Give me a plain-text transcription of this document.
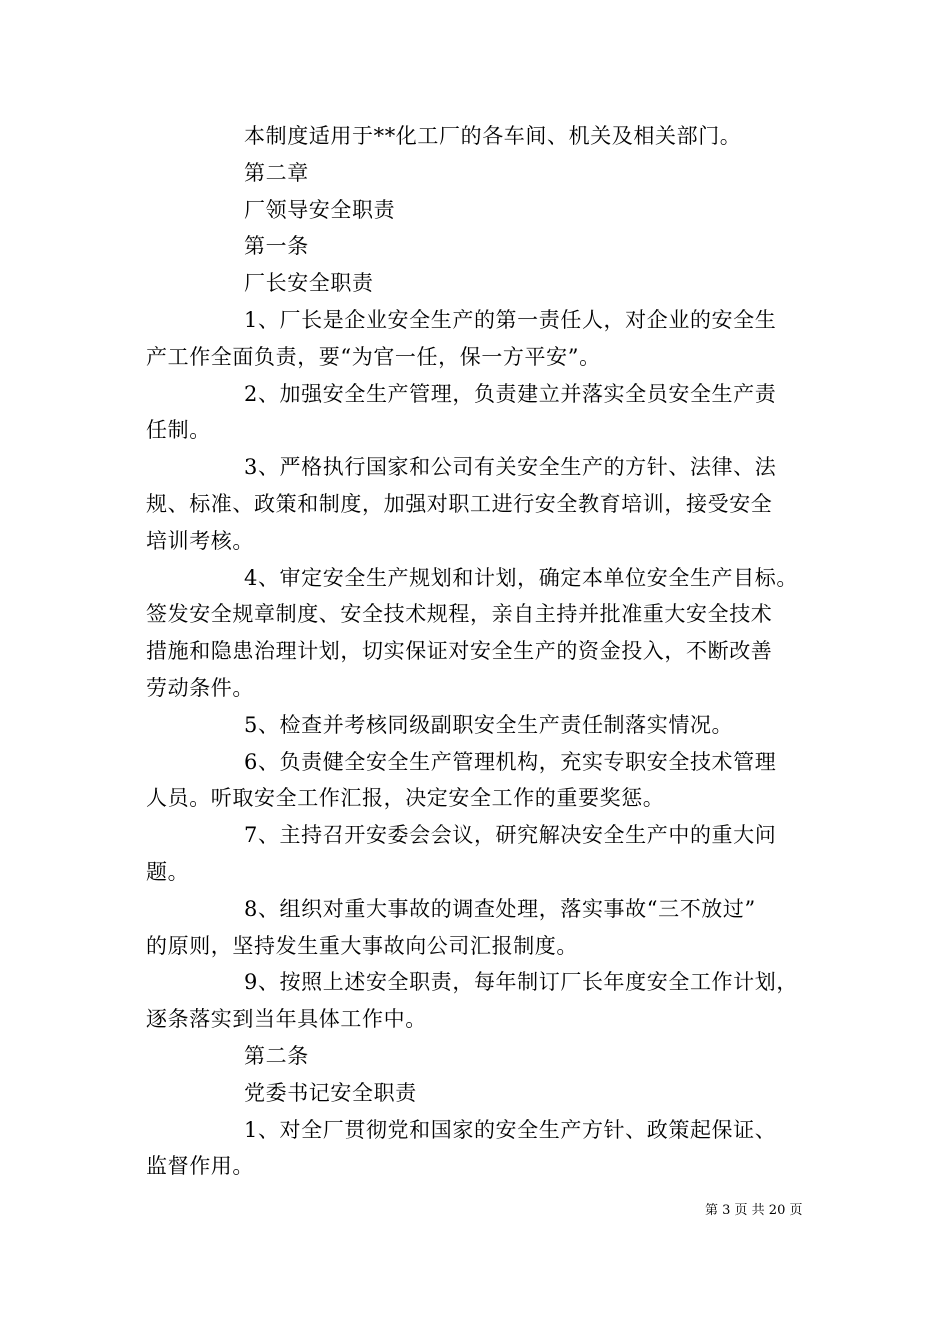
本制度适用于**化工厂的各车间、机关及相关部门。

第二章

厂领导安全职责

第一条

厂长安全职责

1、厂长是企业安全生产的第一责任人，对企业的安全生

产工作全面负责，要“为官一任，保一方平安”。

2、加强安全生产管理，负责建立并落实全员安全生产责

任制。

3、严格执行国家和公司有关安全生产的方针、法律、法

规、标准、政策和制度，加强对职工进行安全教育培训，接受安全

培训考核。

4、审定安全生产规划和计划，确定本单位安全生产目标。

签发安全规章制度、安全技术规程，亲自主持并批准重大安全技术

措施和隐患治理计划，切实保证对安全生产的资金投入，不断改善

劳动条件。

5、检查并考核同级副职安全生产责任制落实情况。

6、负责健全安全生产管理机构，充实专职安全技术管理

人员。听取安全工作汇报，决定安全工作的重要奖惩。

7、主持召开安委会会议，研究解决安全生产中的重大问

题。

8、组织对重大事故的调查处理，落实事故“三不放过”

的原则，坚持发生重大事故向公司汇报制度。

9、按照上述安全职责，每年制订厂长年度安全工作计划，

逐条落实到当年具体工作中。

第二条

党委书记安全职责

1、对全厂贯彻党和国家的安全生产方针、政策起保证、

监督作用。

第 3 页 共 20 页
